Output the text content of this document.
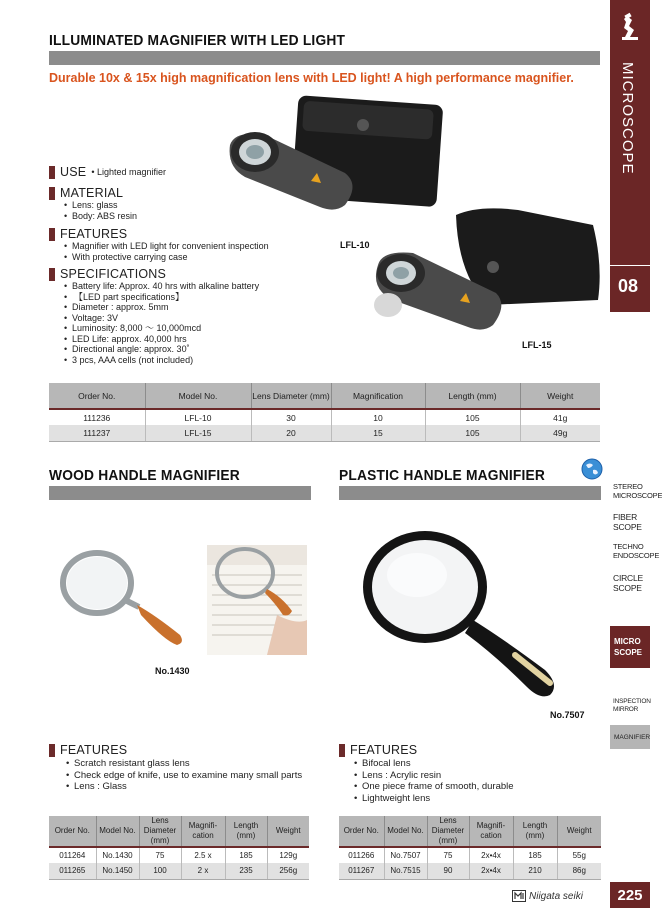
MICROSCOPE
08
STEREO MICROSCOPE
FIBER SCOPE
TECHNO ENDOSCOPE
CIRCLE SCOPE
MICRO
SCOPE
INSPECTION MIRROR
MAGNIFIER
ILLUMINATED MAGNIFIER WITH LED LIGHT
Durable 10x & 15x high magnification lens with LED light! A high performance magnifier.
USE • Lighted magnifier
MATERIAL
• Lens: glass
• Body: ABS resin
FEATURES
• Magnifier with LED light for convenient inspection
• With protective carrying case
SPECIFICATIONS
• Battery life: Approx. 40 hrs with alkaline battery
• 【LED part specifications】
• Diameter : approx. 5mm
• Voltage: 3V
• Luminosity: 8,000 ～ 10,000mcd
• LED Life: approx. 40,000 hrs
• Directional angle: approx. 30˚
• 3 pcs, AAA cells (not included)
LFL-10
LFL-15
Order No.	Model No.	Lens Diameter (mm)	Magnification	Length (mm)	Weight
111236	LFL-10	30	10	105	41g
111237	LFL-15	20	15	105	49g
WOOD HANDLE MAGNIFIER
No.1430
FEATURES
• Scratch resistant glass lens
• Check edge of knife, use to examine many small parts
• Lens : Glass
Order No.	Model No.	Lens Diameter (mm)	Magnifi- cation	Length (mm)	Weight
011264	No.1430	75	2.5 x	185	129g
011265	No.1450	100	2 x	235	256g
PLASTIC HANDLE MAGNIFIER
No.7507
FEATURES
• Bifocal lens
• Lens : Acrylic resin
• One piece frame of smooth, durable
• Lightweight lens
Order No.	Model No.	Lens Diameter (mm)	Magnifi- cation	Length (mm)	Weight
011266	No.7507	75	2x•4x	185	55g
011267	No.7515	90	2x•4x	210	86g
Niigata seiki	225
